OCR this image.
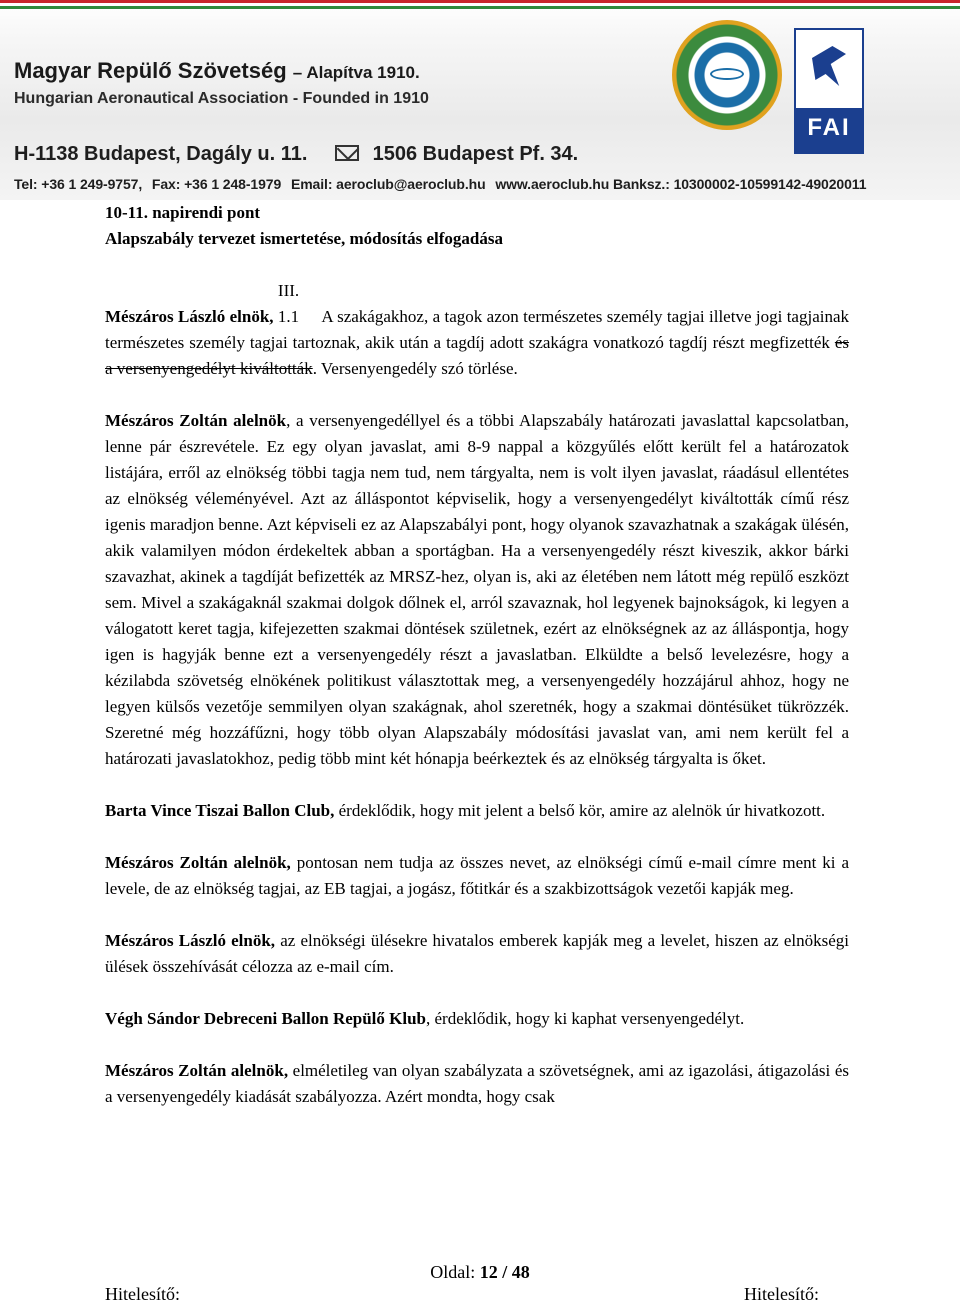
Magyar Repülő Szövetség – Alapítva 1910.
Hungarian Aeronautical Association - Founded in 1910
H-1138 Budapest, Dagály u. 11.	1506 Budapest Pf. 34.
Tel: +36 1 249-9757, Fax: +36 1 248-1979 Email: aeroclub@aeroclub.hu www.aeroclub.hu Banksz.: 10300002-10599142-49020011
FAI

10-11. napirendi pont

Alapszabály tervezet ismertetése, módosítás elfogadása

Mészáros László elnök, III. 1.1 A szakágakhoz, a tagok azon természetes személy tagjai illetve jogi tagjainak természetes személy tagjai tartoznak, akik után a tagdíj adott szakágra vonatkozó tagdíj részt megfizették és a versenyengedélyt kiváltották. Versenyengedély szó törlése.

Mészáros Zoltán alelnök, a versenyengedéllyel és a többi Alapszabály határozati javaslattal kapcsolatban, lenne pár észrevétele. Ez egy olyan javaslat, ami 8-9 nappal a közgyűlés előtt került fel a határozatok listájára, erről az elnökség többi tagja nem tud, nem tárgyalta, nem is volt ilyen javaslat, ráadásul ellentétes az elnökség véleményével. Azt az álláspontot képviselik, hogy a versenyengedélyt kiváltották című rész igenis maradjon benne. Azt képviseli ez az Alapszabályi pont, hogy olyanok szavazhatnak a szakágak ülésén, akik valamilyen módon érdekeltek abban a sportágban. Ha a versenyengedély részt kiveszik, akkor bárki szavazhat, akinek a tagdíját befizették az MRSZ-hez, olyan is, aki az életében nem látott még repülő eszközt sem. Mivel a szakágaknál szakmai dolgok dőlnek el, arról szavaznak, hol legyenek bajnokságok, ki legyen a válogatott keret tagja, kifejezetten szakmai döntések születnek, ezért az elnökségnek az az álláspontja, hogy igen is hagyják benne ezt a versenyengedély részt a javaslatban. Elküldte a belső levelezésre, hogy a kézilabda szövetség elnökének politikust választottak meg, a versenyengedély hozzájárul ahhoz, hogy ne legyen külsős vezetője semmilyen olyan szakágnak, ahol szeretnék, hogy a szakmai döntésüket tükrözzék. Szeretné még hozzáfűzni, hogy több olyan Alapszabály módosítási javaslat van, ami nem került fel a határozati javaslatokhoz, pedig több mint két hónapja beérkeztek és az elnökség tárgyalta is őket.

Barta Vince Tiszai Ballon Club, érdeklődik, hogy mit jelent a belső kör, amire az alelnök úr hivatkozott.

Mészáros Zoltán alelnök, pontosan nem tudja az összes nevet, az elnökségi című e-mail címre ment ki a levele, de az elnökség tagjai, az EB tagjai, a jogász, főtitkár és a szakbizottságok vezetői kapják meg.

Mészáros László elnök, az elnökségi ülésekre hivatalos emberek kapják meg a levelet, hiszen az elnökségi ülések összehívását célozza az e-mail cím.

Végh Sándor Debreceni Ballon Repülő Klub, érdeklődik, hogy ki kaphat versenyengedélyt.

Mészáros Zoltán alelnök, elméletileg van olyan szabályzata a szövetségnek, ami az igazolási, átigazolási és a versenyengedély kiadását szabályozza. Azért mondta, hogy csak

Oldal: 12 / 48
Hitelesítő:	Hitelesítő:
